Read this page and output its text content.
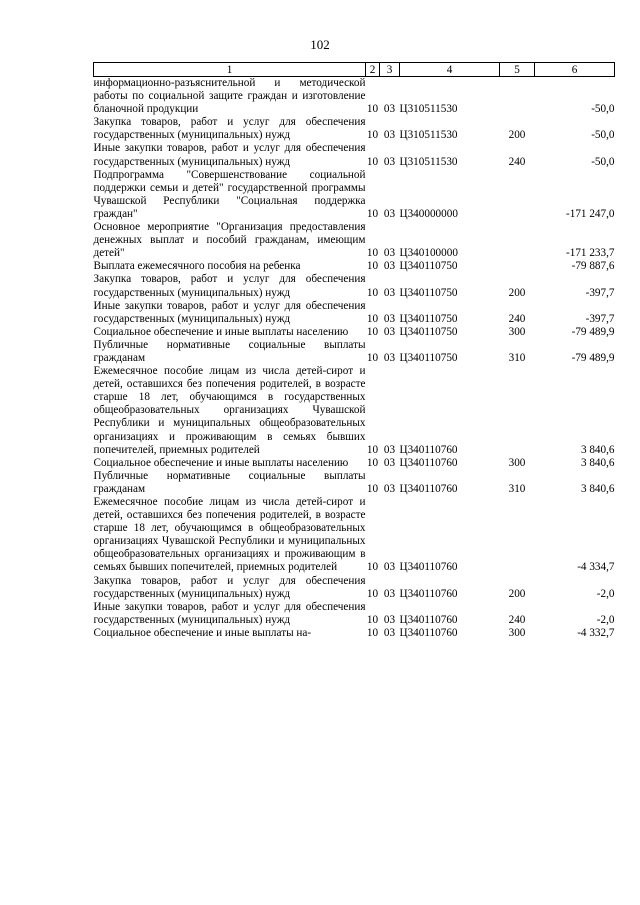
102
1	2	3	4	5	6
информационно-разъяснительной и методической работы по социальной защите граждан и изготовление бланочной продукции	10	03	Ц310511530		-50,0
Закупка товаров, работ и услуг для обеспечения государственных (муниципальных) нужд	10	03	Ц310511530	200	-50,0
Иные закупки товаров, работ и услуг для обеспечения государственных (муниципальных) нужд	10	03	Ц310511530	240	-50,0
Подпрограмма "Совершенствование социальной поддержки семьи и детей" государственной программы Чувашской Республики "Социальная поддержка граждан"	10	03	Ц340000000		-171 247,0
Основное мероприятие "Организация предоставления денежных выплат и пособий гражданам, имеющим детей"	10	03	Ц340100000		-171 233,7
Выплата ежемесячного пособия на ребенка	10	03	Ц340110750		-79 887,6
Закупка товаров, работ и услуг для обеспечения государственных (муниципальных) нужд	10	03	Ц340110750	200	-397,7
Иные закупки товаров, работ и услуг для обеспечения государственных (муниципальных) нужд	10	03	Ц340110750	240	-397,7
Социальное обеспечение и иные выплаты населению	10	03	Ц340110750	300	-79 489,9
Публичные нормативные социальные выплаты гражданам	10	03	Ц340110750	310	-79 489,9
Ежемесячное пособие лицам из числа детей-сирот и детей, оставшихся без попечения родителей, в возрасте старше 18 лет, обучающимся в государственных общеобразовательных организациях Чувашской Республики и муниципальных общеобразовательных организациях и проживающим в семьях бывших попечителей, приемных родителей	10	03	Ц340110760		3 840,6
Социальное обеспечение и иные выплаты населению	10	03	Ц340110760	300	3 840,6
Публичные нормативные социальные выплаты гражданам	10	03	Ц340110760	310	3 840,6
Ежемесячное пособие лицам из числа детей-сирот и детей, оставшихся без попечения родителей, в возрасте старше 18 лет, обучающимся в общеобразовательных организациях Чувашской Республики и муниципальных общеобразовательных организациях и проживающим в семьях бывших попечителей, приемных родителей	10	03	Ц340110760		-4 334,7
Закупка товаров, работ и услуг для обеспечения государственных (муниципальных) нужд	10	03	Ц340110760	200	-2,0
Иные закупки товаров, работ и услуг для обеспечения государственных (муниципальных) нужд	10	03	Ц340110760	240	-2,0
Социальное обеспечение и иные выплаты на-	10	03	Ц340110760	300	-4 332,7
